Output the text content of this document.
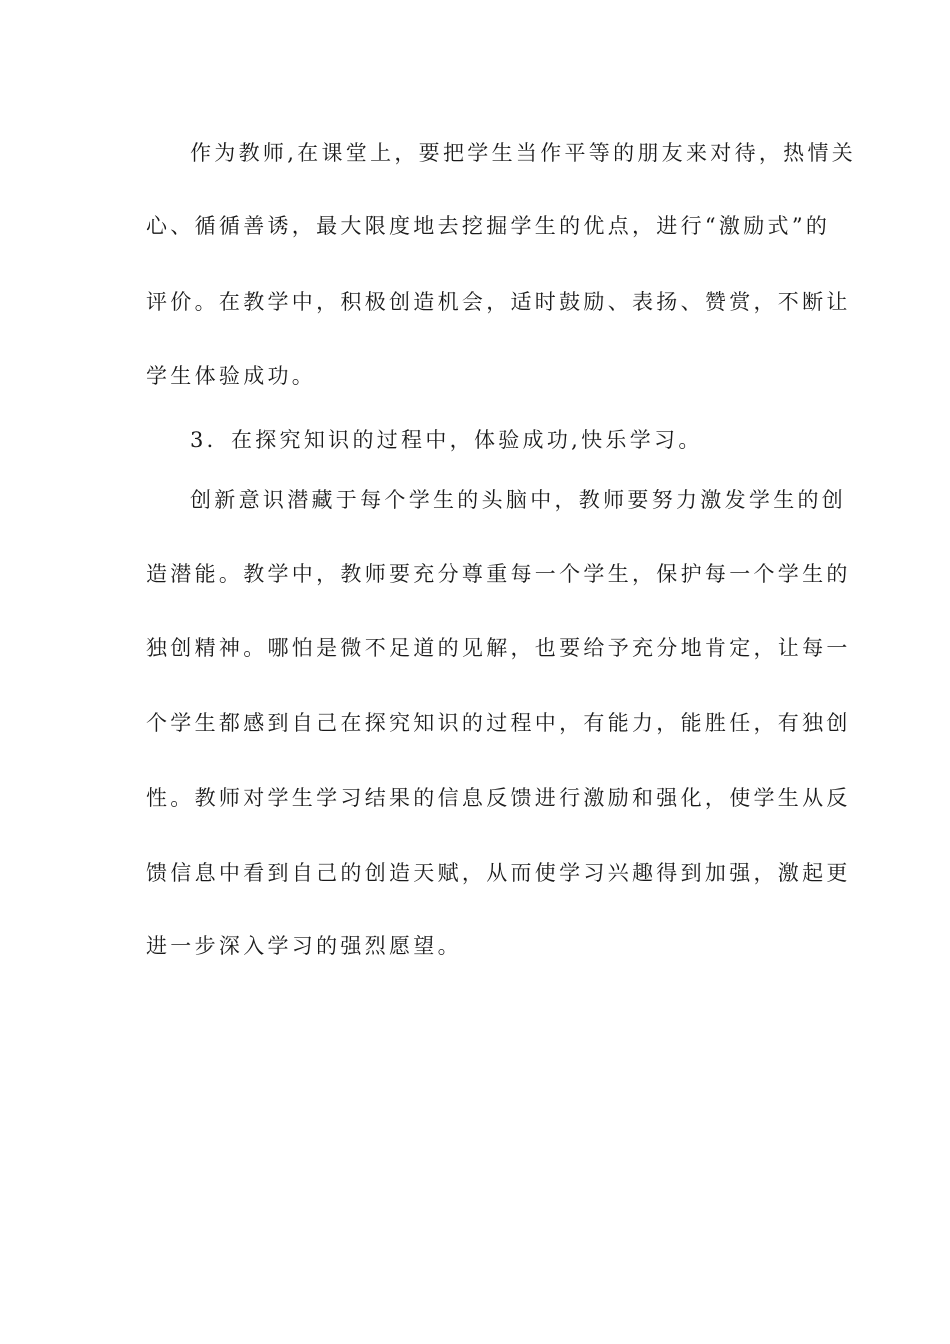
作为教师,在课堂上，要把学生当作平等的朋友来对待，热情关
心、循循善诱，最大限度地去挖掘学生的优点，进行“激励式”的
评价。在教学中，积极创造机会，适时鼓励、表扬、赞赏，不断让
学生体验成功。
3．在探究知识的过程中，体验成功,快乐学习。
创新意识潜藏于每个学生的头脑中，教师要努力激发学生的创
造潜能。教学中，教师要充分尊重每一个学生，保护每一个学生的
独创精神。哪怕是微不足道的见解，也要给予充分地肯定，让每一
个学生都感到自己在探究知识的过程中，有能力，能胜任，有独创
性。教师对学生学习结果的信息反馈进行激励和强化，使学生从反
馈信息中看到自己的创造天赋，从而使学习兴趣得到加强，激起更
进一步深入学习的强烈愿望。
